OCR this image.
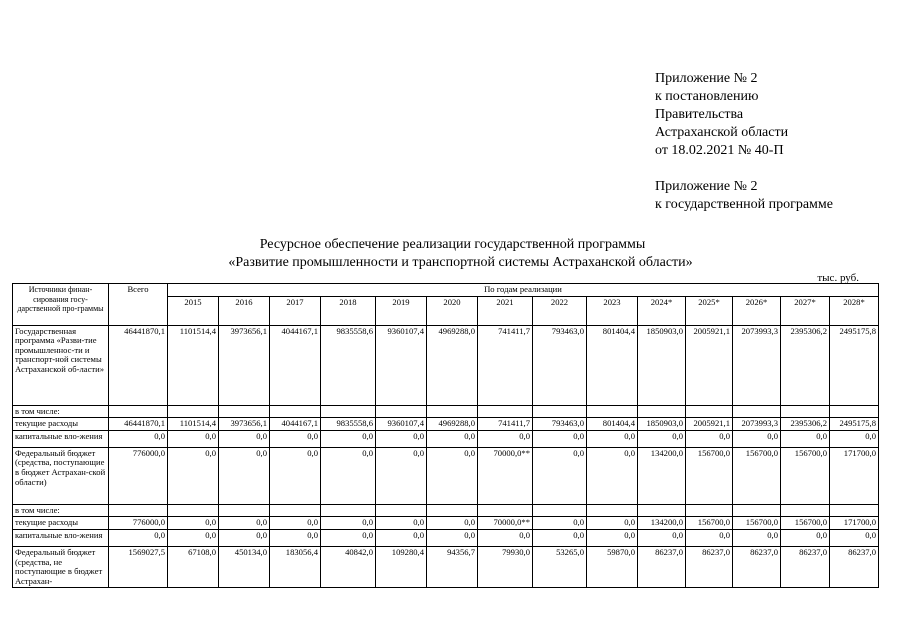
Приложение № 2
к постановлению
Правительства
Астраханской области
от 18.02.2021 № 40-П
Приложение № 2
к государственной программе
Ресурсное обеспечение реализации государственной программы
«Развитие промышленности и транспортной системы Астраханской области»
тыс. руб.
Источники финан-сирования госу-дарственной про-граммы	Всего	По годам реализации													
		2015	2016	2017	2018	2019	2020	2021	2022	2023	2024*	2025*	2026*	2027*	2028*
Государственная программа «Разви-тие промышленнос-ти и транспорт-ной системы Астраханской об-ласти»	46441870,1	1101514,4	3973656,1	4044167,1	9835558,6	9360107,4	4969288,0	741411,7	793463,0	801404,4	1850903,0	2005921,1	2073993,3	2395306,2	2495175,8
в том числе:															
текущие расходы	46441870,1	1101514,4	3973656,1	4044167,1	9835558,6	9360107,4	4969288,0	741411,7	793463,0	801404,4	1850903,0	2005921,1	2073993,3	2395306,2	2495175,8
капитальные вло-жения	0,0	0,0	0,0	0,0	0,0	0,0	0,0	0,0	0,0	0,0	0,0	0,0	0,0	0,0	0,0
Федеральный бюджет (средства, поступающие в бюджет Астрахан-ской области)	776000,0	0,0	0,0	0,0	0,0	0,0	0,0	70000,0**	0,0	0,0	134200,0	156700,0	156700,0	156700,0	171700,0
в том числе:															
текущие расходы	776000,0	0,0	0,0	0,0	0,0	0,0	0,0	70000,0**	0,0	0,0	134200,0	156700,0	156700,0	156700,0	171700,0
капитальные вло-жения	0,0	0,0	0,0	0,0	0,0	0,0	0,0	0,0	0,0	0,0	0,0	0,0	0,0	0,0	0,0
Федеральный бюджет (средства, не поступающие в бюджет Астрахан-	1569027,5	67108,0	450134,0	183056,4	40842,0	109280,4	94356,7	79930,0	53265,0	59870,0	86237,0	86237,0	86237,0	86237,0	86237,0
